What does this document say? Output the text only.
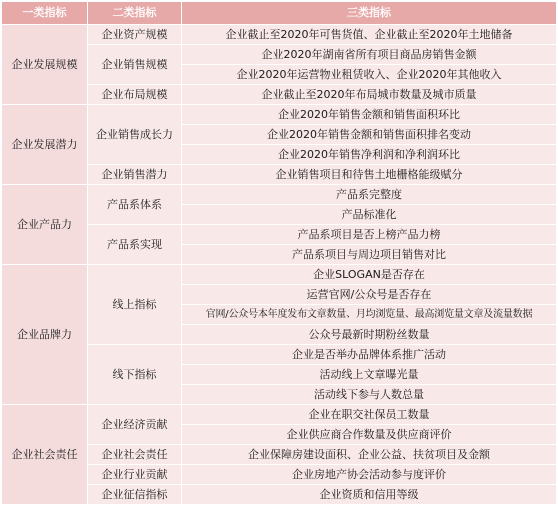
一类指标	二类指标	三类指标
企业发展规模	企业资产规模	企业截止至2020年可售货值、企业截止至2020年土地储备
	企业销售规模	企业2020年湖南省所有项目商品房销售金额
		企业2020年运营物业租赁收入、企业2020年其他收入
	企业布局规模	企业截止至2020年布局城市数量及城市质量
企业发展潜力	企业销售成长力	企业2020年销售金额和销售面积环比
		企业2020年销售金额和销售面积排名变动
		企业2020年销售净利润和净利润环比
	企业销售潜力	企业销售项目和待售土地栅格能级赋分
企业产品力	产品系体系	产品系完整度
		产品标准化
	产品系实现	产品系项目是否上榜产品力榜
		产品系项目与周边项目销售对比
企业品牌力	线上指标	企业SLOGAN是否存在
		运营官网/公众号是否存在
		官网/公众号本年度发布文章数量、月均浏览量、最高浏览量文章及流量数据
		公众号最新时期粉丝数量
	线下指标	企业是否举办品牌体系推广活动
		活动线上文章曝光量
		活动线下参与人数总量
企业社会责任	企业经济贡献	企业在职交社保员工数量
		企业供应商合作数量及供应商评价
	企业社会责任	企业保障房建设面积、企业公益、扶贫项目及金额
	企业行业贡献	企业房地产协会活动参与度评价
	企业征信指标	企业资质和信用等级
